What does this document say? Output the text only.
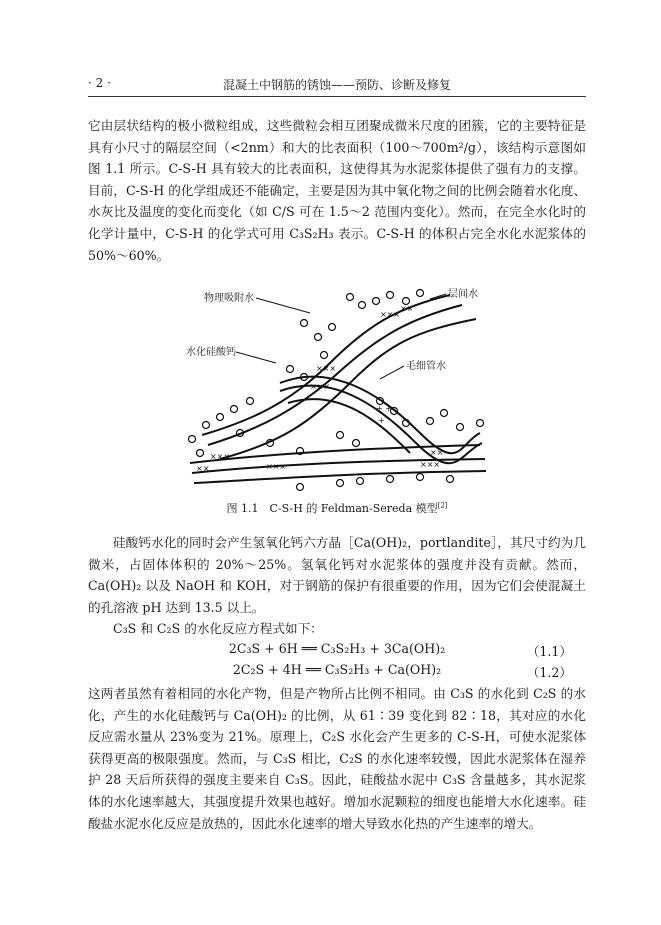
· 2 ·	混凝土中钢筋的锈蚀——预防、诊断及修复

它由层状结构的极小微粒组成，这些微粒会相互团聚成微米尺度的团簇，它的主要特征是具有小尺寸的隔层空间（<2nm）和大的比表面积（100～700m²/g），该结构示意图如图 1.1 所示。C-S-H 具有较大的比表面积，这使得其为水泥浆体提供了强有力的支撑。目前，C-S-H 的化学组成还不能确定，主要是因为其中氧化物之间的比例会随着水化度、水灰比及温度的变化而变化（如 C/S 可在 1.5～2 范围内变化）。然而，在完全水化时的化学计量中，C-S-H 的化学式可用 C₃S₂H₃ 表示。C-S-H 的体积占完全水化水泥浆体的 50%～60%。

×××
××
×××
×××
×××
××	×××	×××
××
+ +
+
物理吸附水	层间水
水化硅酸钙
毛细管水
图 1.1　C-S-H 的 Feldman-Sereda 模型[2]

硅酸钙水化的同时会产生氢氧化钙六方晶［Ca(OH)₂，portlandite］，其尺寸约为几微米，占固体体积的 20%～25%。氢氧化钙对水泥浆体的强度并没有贡献。然而，Ca(OH)₂ 以及 NaOH 和 KOH，对于钢筋的保护有很重要的作用，因为它们会使混凝土的孔溶液 pH 达到 13.5 以上。

C₃S 和 C₂S 的水化反应方程式如下：

2C₃S + 6H ══ C₃S₂H₃ + 3Ca(OH)₂	（1.1）
2C₂S + 4H ══ C₃S₂H₃ + Ca(OH)₂	（1.2）

这两者虽然有着相同的水化产物，但是产物所占比例不相同。由 C₃S 的水化到 C₂S 的水化，产生的水化硅酸钙与 Ca(OH)₂ 的比例，从 61∶39 变化到 82∶18，其对应的水化反应需水量从 23%变为 21%。原理上，C₂S 水化会产生更多的 C-S-H，可使水泥浆体获得更高的极限强度。然而，与 C₃S 相比，C₂S 的水化速率较慢，因此水泥浆体在湿养护 28 天后所获得的强度主要来自 C₃S。因此，硅酸盐水泥中 C₃S 含量越多，其水泥浆体的水化速率越大，其强度提升效果也越好。增加水泥颗粒的细度也能增大水化速率。硅酸盐水泥水化反应是放热的，因此水化速率的增大导致水化热的产生速率的增大。
